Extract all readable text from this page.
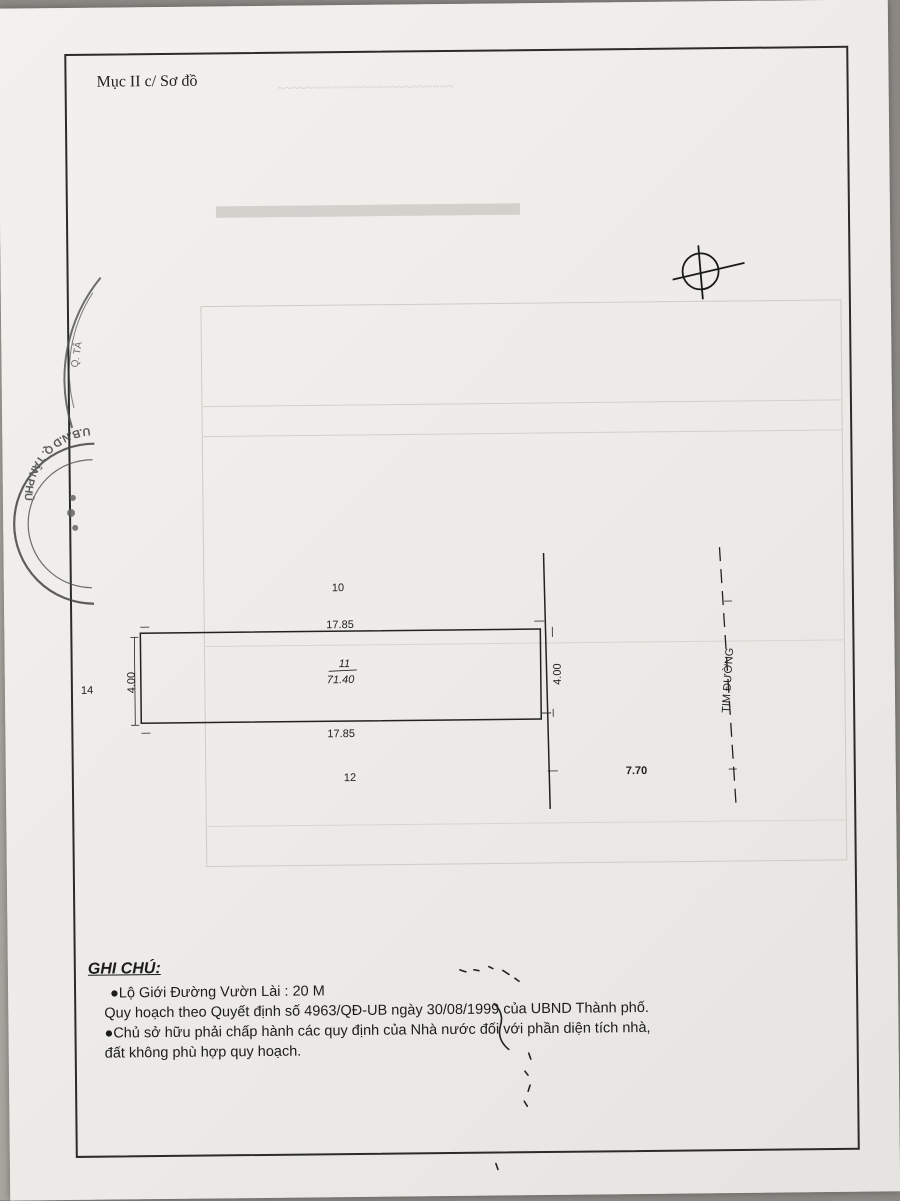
~~~~~~~~~~~~~~~~~~~~~~~~~
▬▬▬▬▬▬▬▬
Mục II c/ Sơ đồ
U.B.N.D Q. TÂN PHÚ
Q. TÂ
10
17.85
11
71.40
14	4.00	4.00
17.85
12
7.70
TIM ĐƯỜNG
GHI CHÚ:
●Lộ Giới Đường Vườn Lài : 20 M
Quy hoạch theo Quyết định số 4963/QĐ-UB ngày 30/08/1999 của UBND Thành phố.
●Chủ sở hữu phải chấp hành các quy định của Nhà nước đối với phần diện tích nhà,
đất không phù hợp quy hoạch.
